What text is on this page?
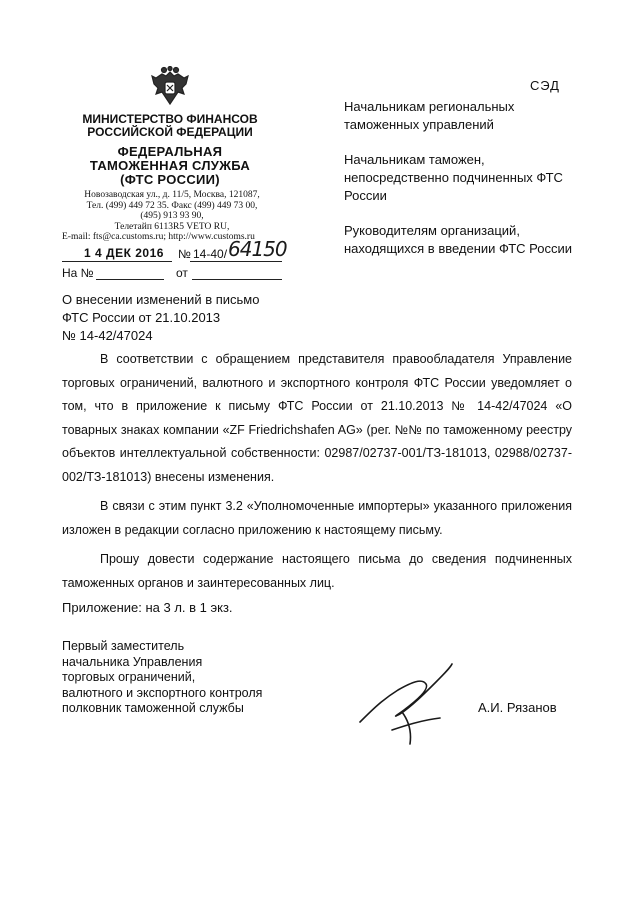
МИНИСТЕРСТВО ФИНАНСОВ РОССИЙСКОЙ ФЕДЕРАЦИИ
ФЕДЕРАЛЬНАЯ
ТАМОЖЕННАЯ СЛУЖБА
(ФТС РОССИИ)
Новозаводская ул., д. 11/5, Москва, 121087,
Тел. (499) 449 72 35. Факс (499) 449 73 00,
(495) 913 93 90,
Телетайп 6113R5 VETO RU,
E-mail: fts@ca.customs.ru; http://www.customs.ru
1 4 ДЕК 2016 № 14-40/ 64150
На №	от
СЭД

Начальникам региональных таможенных управлений

Начальникам таможен, непосредственно подчиненных ФТС России

Руководителям организаций, находящихся в введении ФТС России

О внесении изменений в письмо
ФТС России от 21.10.2013
№ 14-42/47024

В соответствии с обращением представителя правообладателя Управление торговых ограничений, валютного и экспортного контроля ФТС России уведомляет о том, что в приложение к письму ФТС России от 21.10.2013 № 14-42/47024 «О товарных знаках компании «ZF Friedrichshafen AG» (рег. №№ по таможенному реестру объектов интеллектуальной собственности: 02987/02737-001/ТЗ-181013, 02988/02737-002/ТЗ-181013) внесены изменения.

В связи с этим пункт 3.2 «Уполномоченные импортеры» указанного приложения изложен в редакции согласно приложению к настоящему письму.

Прошу довести содержание настоящего письма до сведения подчиненных таможенных органов и заинтересованных лиц.

Приложение: на 3 л. в 1 экз.
Первый заместитель
начальника Управления
торговых ограничений,
валютного и экспортного контроля
полковник таможенной службы	А.И. Рязанов
